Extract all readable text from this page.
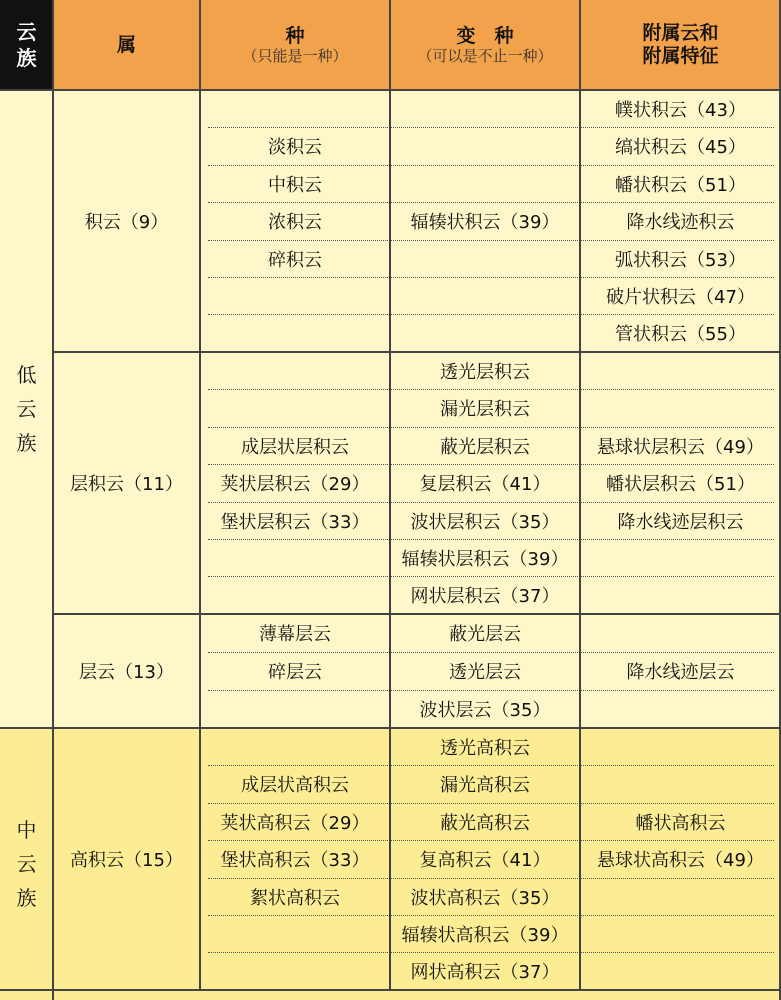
云
族
属	种
（只能是一种）
变　种
（可以是不止一种）
附属云和
附属特征
低
云
族
中
云
族
积云（9）
层积云（11）
层云（13）
高积云（15）
淡积云
中积云
浓积云
碎积云
辐辏状积云（39）
幞状积云（43）
缟状积云（45）
幡状积云（51）
降水线迹积云
弧状积云（53）
破片状积云（47）
管状积云（55）
成层状层积云
荚状层积云（29）
堡状层积云（33）
透光层积云
漏光层积云
蔽光层积云
复层积云（41）
波状层积云（35）
辐辏状层积云（39）
网状层积云（37）
悬球状层积云（49）
幡状层积云（51）
降水线迹层积云
薄幕层云
碎层云
蔽光层云
透光层云
波状层云（35）
降水线迹层云
成层状高积云
荚状高积云（29）
堡状高积云（33）
絮状高积云
透光高积云
漏光高积云
蔽光高积云
复高积云（41）
波状高积云（35）
辐辏状高积云（39）
网状高积云（37）
幡状高积云
悬球状高积云（49）
